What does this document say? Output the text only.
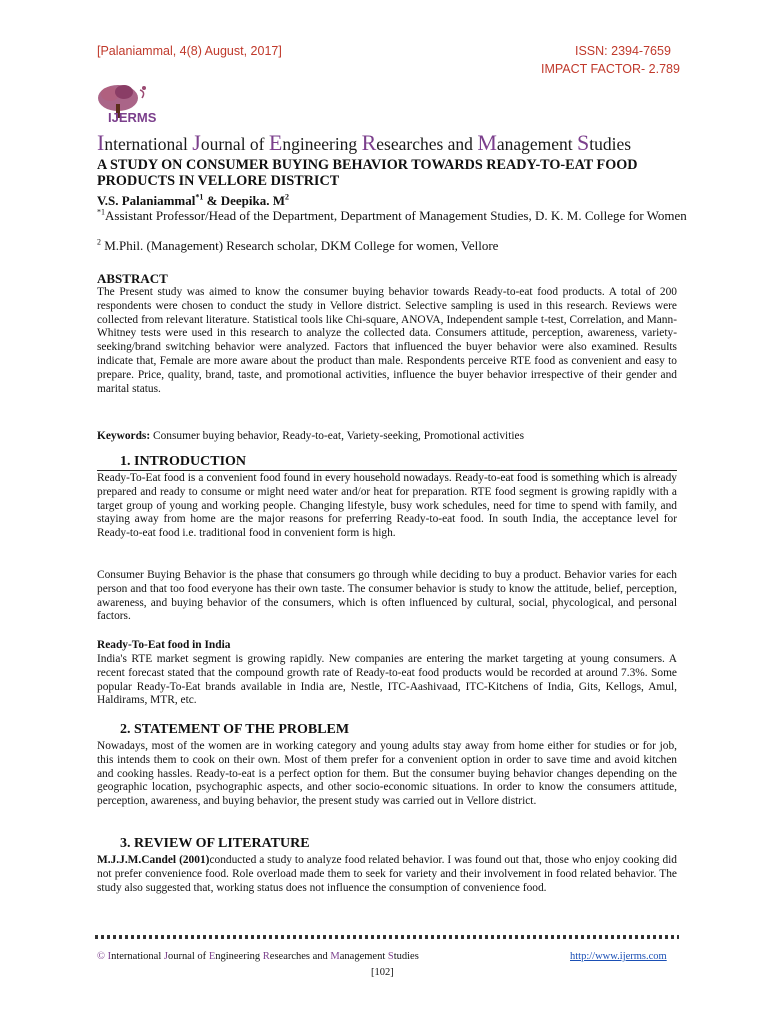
[Palaniammal, 4(8) August, 2017]	ISSN: 2394-7659
IMPACT FACTOR- 2.789
IJERMS
International Journal of Engineering Researches and Management Studies
A STUDY ON CONSUMER BUYING BEHAVIOR TOWARDS READY-TO-EAT FOOD PRODUCTS IN VELLORE DISTRICT
V.S. Palaniammal$^{*1}$ & Deepika. $M^2$
$^{*1}$Assistant Professor/Head of the Department, Department of Management Studies, D. K. M. College for Women
$^2$ M.Phil. (Management) Research scholar, DKM College for women, Vellore
ABSTRACT
The Present study was aimed to know the consumer buying behavior towards Ready-to-eat food products. A total of 200 respondents were chosen to conduct the study in Vellore district. Selective sampling is used in this research. Reviews were collected from relevant literature. Statistical tools like Chi-square, ANOVA, Independent sample t-test, Correlation, and Mann-Whitney tests were used in this research to analyze the collected data. Consumers attitude, perception, awareness, variety-seeking/brand switching behavior were analyzed. Factors that influenced the buyer behavior were also examined. Results indicate that, Female are more aware about the product than male. Respondents perceive RTE food as convenient and easy to prepare. Price, quality, brand, taste, and promotional activities, influence the buyer behavior irrespective of their gender and marital status.
Keywords: Consumer buying behavior, Ready-to-eat, Variety-seeking, Promotional activities
1. INTRODUCTION
Ready-To-Eat food is a convenient food found in every household nowadays. Ready-to-eat food is something which is already prepared and ready to consume or might need water and/or heat for preparation. RTE food segment is growing rapidly with a target group of young and working people. Changing lifestyle, busy work schedules, need for time to spend with family, and staying away from home are the major reasons for preferring Ready-to-eat food. In south India, the acceptance level for Ready-to-eat food i.e. traditional food in convenient form is high.
Consumer Buying Behavior is the phase that consumers go through while deciding to buy a product. Behavior varies for each person and that too food everyone has their own taste. The consumer behavior is study to know the attitude, belief, perception, awareness, and buying behavior of the consumers, which is often influenced by cultural, social, phycological, and personal factors.
Ready-To-Eat food in India
India's RTE market segment is growing rapidly. New companies are entering the market targeting at young consumers. A recent forecast stated that the compound growth rate of Ready-to-eat food products would be recorded at around 7.3%. Some popular Ready-To-Eat brands available in India are, Nestle, ITC-Aashivaad, ITC-Kitchens of India, Gits, Kellogs, Amul, Haldirams, MTR, etc.
2. STATEMENT OF THE PROBLEM
Nowadays, most of the women are in working category and young adults stay away from home either for studies or for job, this intends them to cook on their own. Most of them prefer for a convenient option in order to save time and avoid kitchen and cooking hassles. Ready-to-eat is a perfect option for them. But the consumer buying behavior changes depending on the geographic location, psychographic aspects, and other socio-economic situations. In order to know the consumers attitude, perception, awareness, and buying behavior, the present study was carried out in Vellore district.
3. REVIEW OF LITERATURE
M.J.J.M.Candel (2001)conducted a study to analyze food related behavior. I was found out that, those who enjoy cooking did not prefer convenience food. Role overload made them to seek for variety and their involvement in food related behavior. The study also suggested that, working status does not influence the consumption of convenience food.
© International Journal of Engineering Researches and Management Studies	http://www.ijerms.com
[102]
